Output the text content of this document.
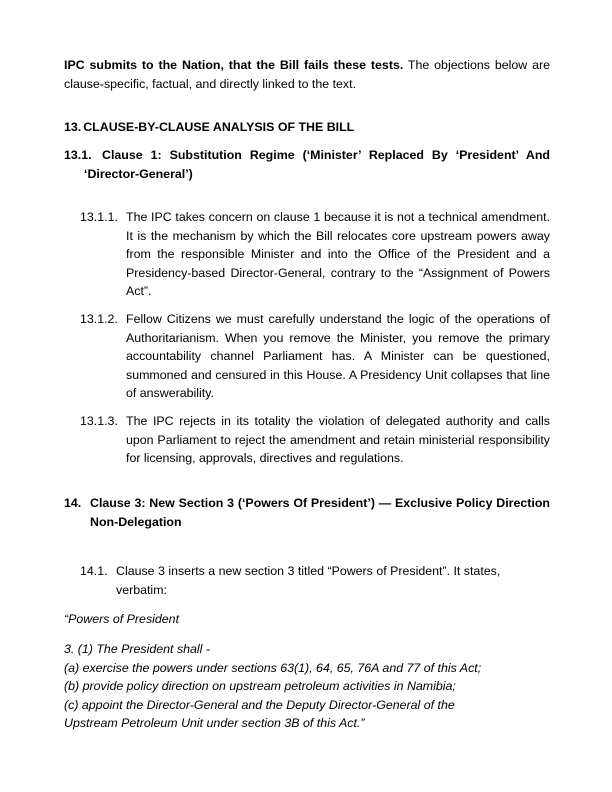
IPC submits to the Nation, that the Bill fails these tests. The objections below are clause-specific, factual, and directly linked to the text.

13. CLAUSE-BY-CLAUSE ANALYSIS OF THE BILL
13.1. Clause 1: Substitution Regime (‘Minister’ Replaced By ‘President’ And ‘Director-General’)
13.1.1. The IPC takes concern on clause 1 because it is not a technical amendment. It is the mechanism by which the Bill relocates core upstream powers away from the responsible Minister and into the Office of the President and a Presidency-based Director-General, contrary to the “Assignment of Powers Act”.
13.1.2. Fellow Citizens we must carefully understand the logic of the operations of Authoritarianism. When you remove the Minister, you remove the primary accountability channel Parliament has. A Minister can be questioned, summoned and censured in this House. A Presidency Unit collapses that line of answerability.
13.1.3. The IPC rejects in its totality the violation of delegated authority and calls upon Parliament to reject the amendment and retain ministerial responsibility for licensing, approvals, directives and regulations.
14. Clause 3: New Section 3 (‘Powers Of President’) — Exclusive Policy Direction Non-Delegation
14.1. Clause 3 inserts a new section 3 titled “Powers of President”. It states, verbatim:
“Powers of President
3. (1) The President shall -
(a) exercise the powers under sections 63(1), 64, 65, 76A and 77 of this Act;
(b) provide policy direction on upstream petroleum activities in Namibia;
(c) appoint the Director-General and the Deputy Director-General of the
Upstream Petroleum Unit under section 3B of this Act.”
